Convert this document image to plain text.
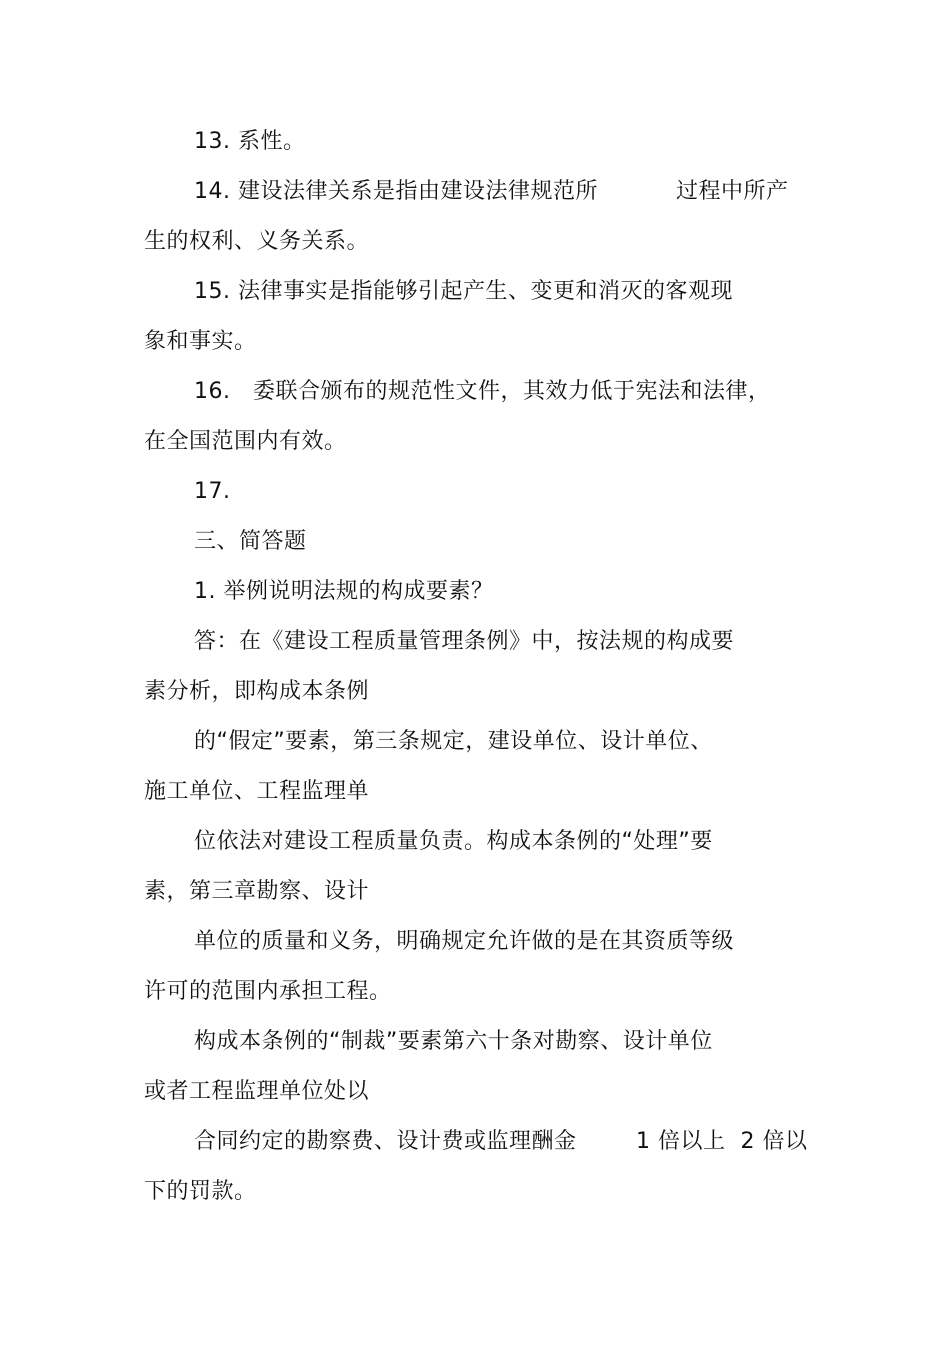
13. 系性。
14. 建设法律关系是指由建设法律规范所	过程中所产
生的权利、义务关系。
15. 法律事实是指能够引起产生、变更和消灭的客观现
象和事实。
16.   委联合颁布的规范性文件，其效力低于宪法和法律，
在全国范围内有效。
17.
三、简答题
1. 举例说明法规的构成要素？
答：在《建设工程质量管理条例》中，按法规的构成要
素分析，即构成本条例
的“假定”要素，第三条规定，建设单位、设计单位、
施工单位、工程监理单
位依法对建设工程质量负责。构成本条例的“处理”要
素，第三章勘察、设计
单位的质量和义务，明确规定允许做的是在其资质等级
许可的范围内承担工程。
构成本条例的“制裁”要素第六十条对勘察、设计单位
或者工程监理单位处以
合同约定的勘察费、设计费或监理酬金	1 倍以上  2 倍以
下的罚款。
